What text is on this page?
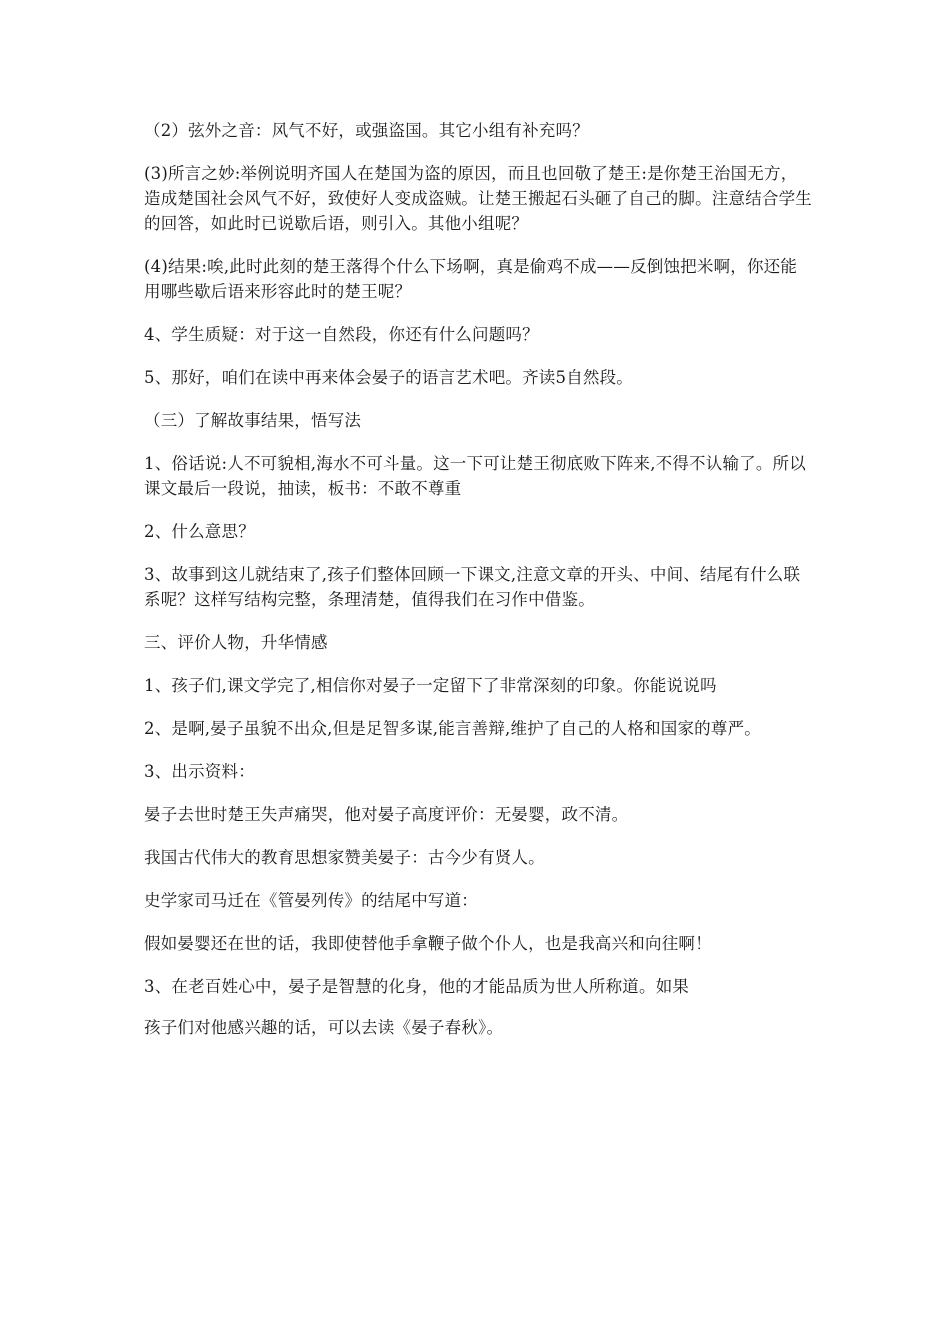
（2）弦外之音：风气不好，或强盗国。其它小组有补充吗？

(3)所言之妙:举例说明齐国人在楚国为盗的原因，而且也回敬了楚王:是你楚王治国无方，造成楚国社会风气不好，致使好人变成盗贼。让楚王搬起石头砸了自己的脚。注意结合学生的回答，如此时已说歇后语，则引入。其他小组呢？

(4)结果:唉,此时此刻的楚王落得个什么下场啊，真是偷鸡不成——反倒蚀把米啊，你还能用哪些歇后语来形容此时的楚王呢？

4、学生质疑：对于这一自然段，你还有什么问题吗？

5、那好，咱们在读中再来体会晏子的语言艺术吧。齐读5自然段。

（三）了解故事结果，悟写法

1、俗话说:人不可貌相,海水不可斗量。这一下可让楚王彻底败下阵来,不得不认输了。所以课文最后一段说，抽读，板书：不敢不尊重

2、什么意思？

3、故事到这儿就结束了,孩子们整体回顾一下课文,注意文章的开头、中间、结尾有什么联系呢？这样写结构完整，条理清楚，值得我们在习作中借鉴。

三、评价人物，升华情感

1、孩子们,课文学完了,相信你对晏子一定留下了非常深刻的印象。你能说说吗

2、是啊,晏子虽貌不出众,但是足智多谋,能言善辩,维护了自己的人格和国家的尊严。

3、出示资料：

晏子去世时楚王失声痛哭，他对晏子高度评价：无晏婴，政不清。

我国古代伟大的教育思想家赞美晏子：古今少有贤人。

史学家司马迁在《管晏列传》的结尾中写道：

假如晏婴还在世的话，我即使替他手拿鞭子做个仆人，也是我高兴和向往啊！

3、在老百姓心中，晏子是智慧的化身，他的才能品质为世人所称道。如果

孩子们对他感兴趣的话，可以去读《晏子春秋》。
